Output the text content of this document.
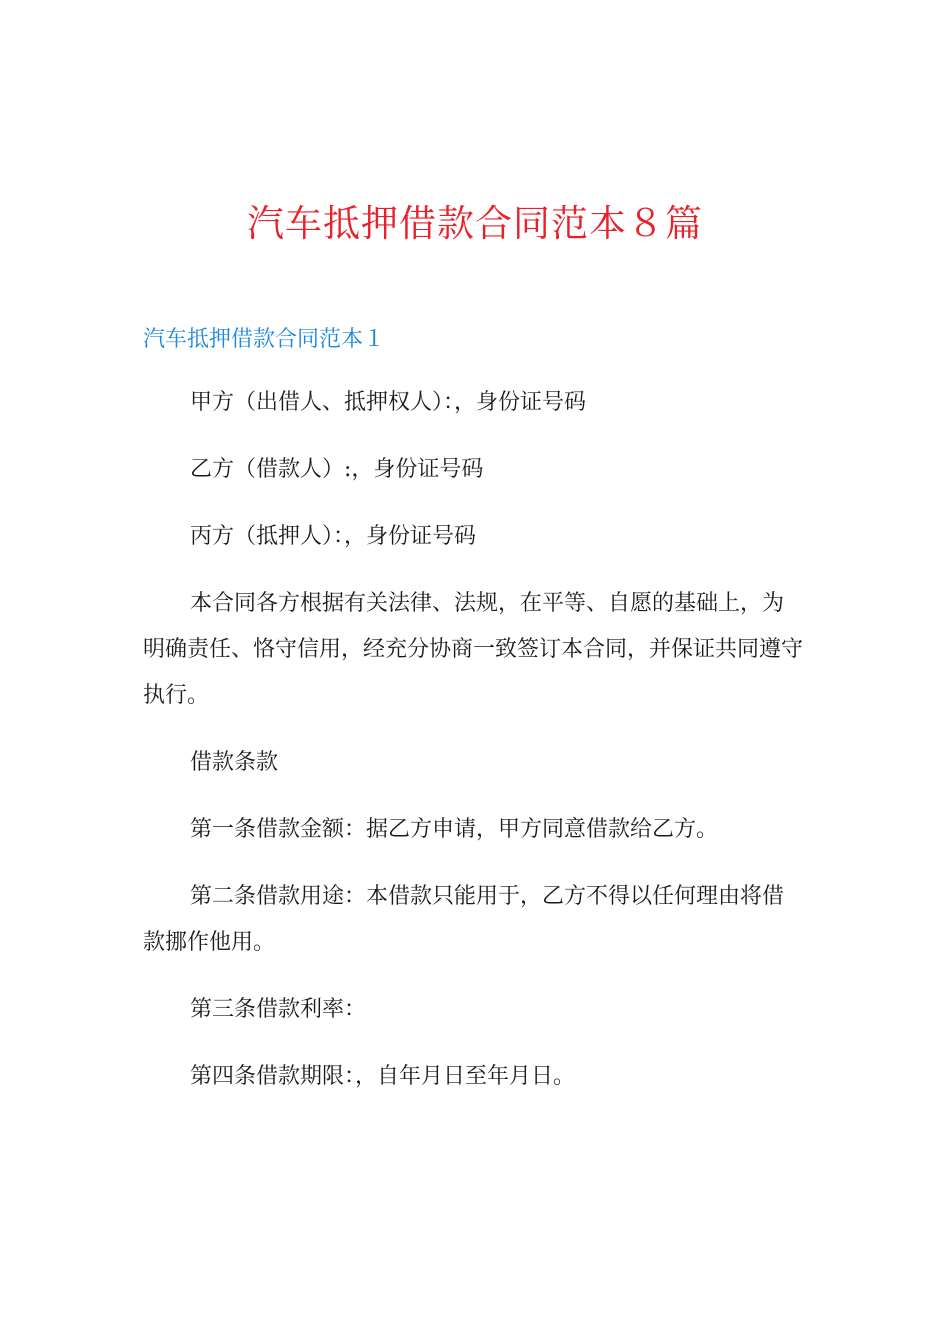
汽车抵押借款合同范本８篇
汽车抵押借款合同范本１

甲方（出借人、抵押权人）：，身份证号码

乙方（借款人）:，身份证号码

丙方（抵押人）：，身份证号码

本合同各方根据有关法律、法规，在平等、自愿的基础上，为明确责任、恪守信用，经充分协商一致签订本合同，并保证共同遵守执行。

借款条款

第一条借款金额：据乙方申请，甲方同意借款给乙方。

第二条借款用途：本借款只能用于，乙方不得以任何理由将借款挪作他用。

第三条借款利率：

第四条借款期限：，自年月日至年月日。
